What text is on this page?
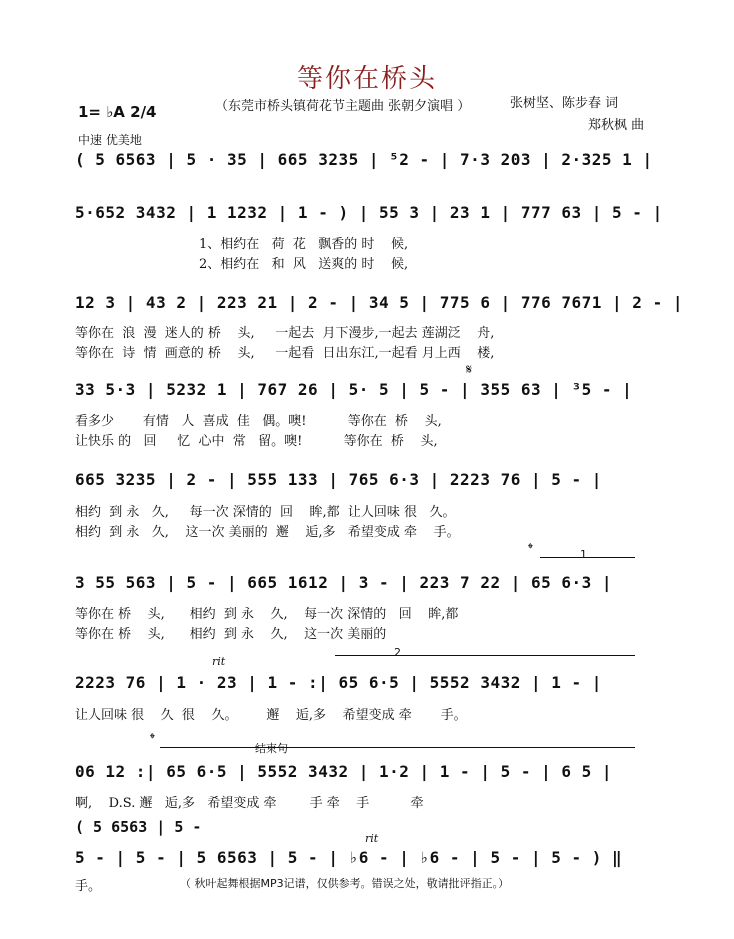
等你在桥头
（东莞市桥头镇荷花节主题曲 张朝夕演唱 ）	张树坚、陈步春 词
郑秋枫 曲
1= ♭A 2/4
中速 优美地
( 5 6563 | 5 · 35 | 665 3235 | ⁵2 - | 7·3 203 | 2·325 1 |
5·652 3432 | 1 1232 | 1 - ) | 55 3 | 23 1 | 777 63 | 5 - |
1、相约在   荷  花   飘香的 时    候,
2、相约在   和  风   送爽的 时    候,
12 3 | 43 2 | 223 21 | 2 - | 34 5 | 775 6 | 776 7671 | 2 - |
等你在  浪  漫  迷人的 桥    头,     一起去  月下漫步,一起去 莲湖泛    舟,
等你在  诗  情  画意的 桥    头,     一起看  日出东江,一起看 月上西    楼,
𝄋
33 5·3 | 5232 1 | 767 26 | 5· 5 | 5 - | 355 63 | ³5 - |
看多少       有情   人  喜成  佳   偶。噢!          等你在  桥    头,
让快乐 的   回     忆  心中  常   留。噢!          等你在  桥    头,
665 3235 | 2 - | 555 133 | 765 6·3 | 2223 76 | 5 - |
相约  到 永   久,     每一次 深情的  回    眸,都  让人回味 很   久。
相约  到 永   久,    这一次 美丽的  邂    逅,多   希望变成 牵    手。
𝄌	1
3 55 563 | 5 - | 665 1612 | 3 - | 223 7 22 | 65 6·3 |
等你在 桥    头,      相约  到 永    久,    每一次 深情的   回    眸,都
等你在 桥    头,      相约  到 永    久,    这一次 美丽的
rit
2
2223 76 | 1 · 23 | 1 - :| 65 6·5 | 5552 3432 | 1 - |
让人回味 很    久  很    久。       邂    逅,多    希望变成 牵       手。
𝄌
结束句
06 12 :| 65 6·5 | 5552 3432 | 1·2 | 1 - | 5 - | 6 5 |
啊,    D.S. 邂   逅,多   希望变成 牵        手 牵    手          牵
( 5 6563 | 5 -
rit
5 - | 5 - | 5 6563 | 5 - | ♭6 - | ♭6 - | 5 - | 5 - ) ‖
手。	（ 秋叶起舞根据MP3记谱，仅供参考。错误之处，敬请批评指正。）
